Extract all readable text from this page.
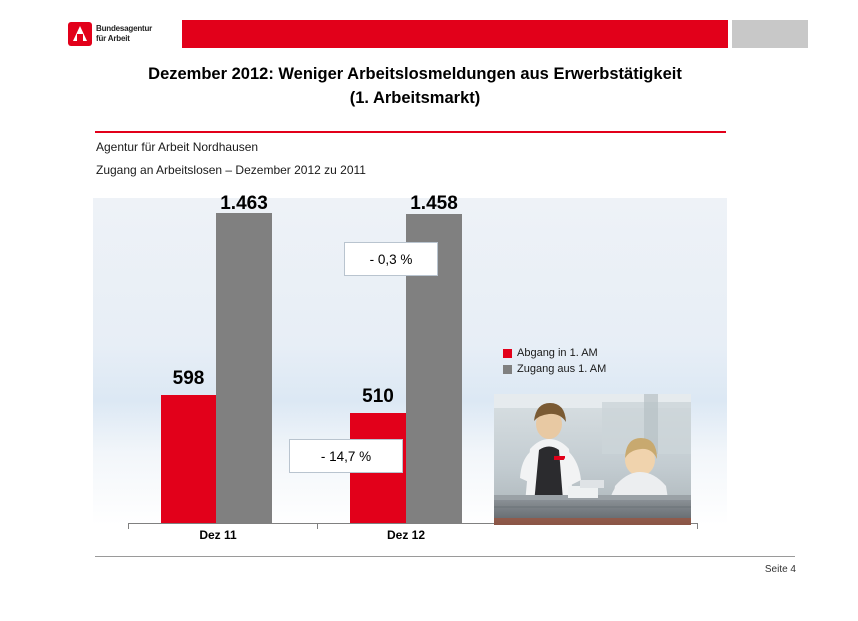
Bundesagentur
für Arbeit
Dezember 2012: Weniger Arbeitslosmeldungen aus Erwerbstätigkeit
(1. Arbeitsmarkt)
Agentur für Arbeit Nordhausen
Zugang an Arbeitslosen – Dezember 2012 zu 2011
598
1.463
510
1.458
- 0,3 %
- 14,7 %
Abgang in 1. AM
Zugang aus 1. AM
Dez 11	Dez 12
Seite 4
